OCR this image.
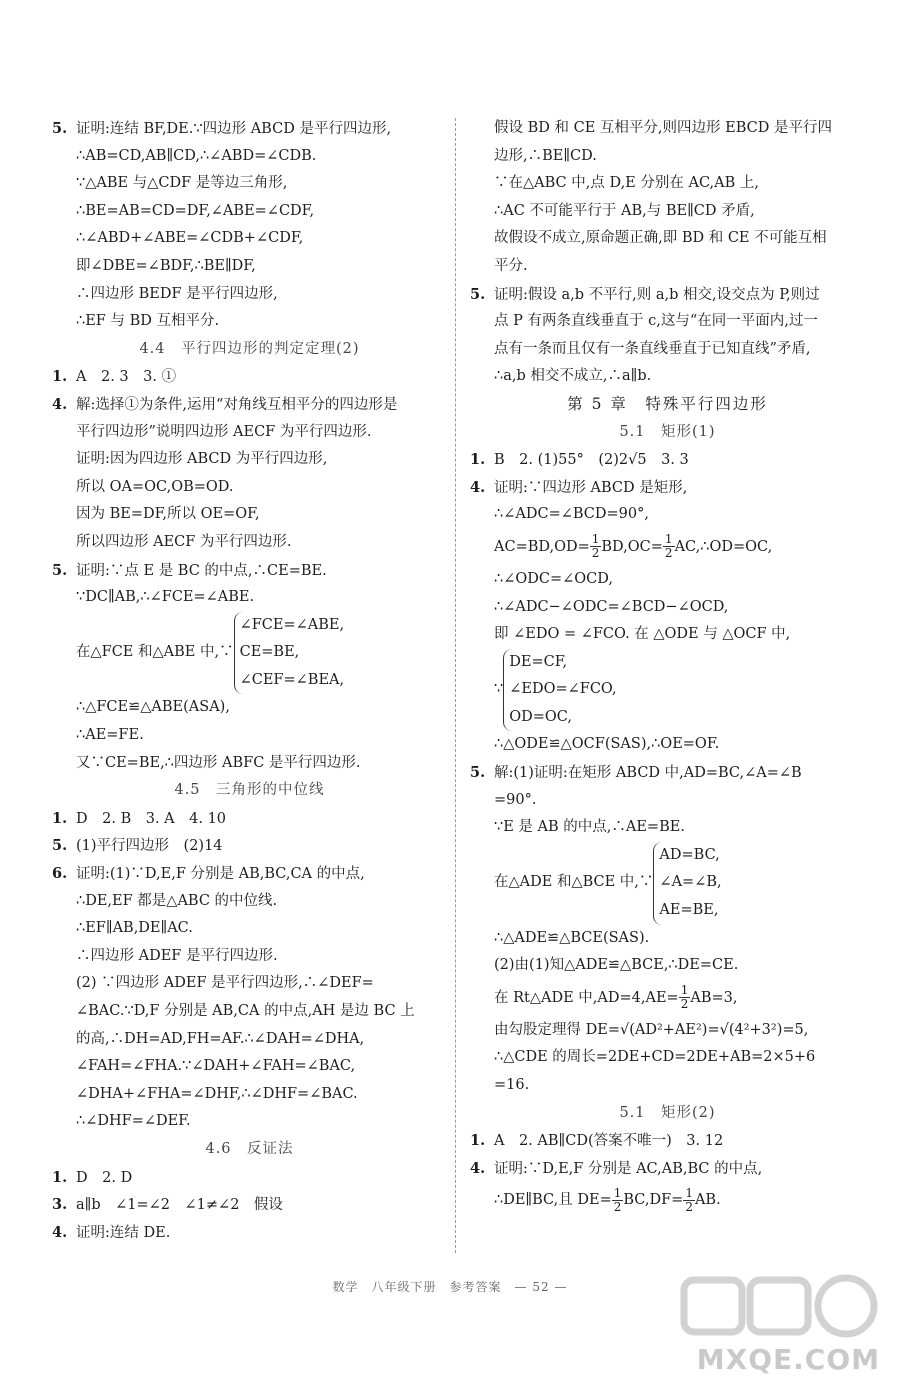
5. 证明:连结 BF,DE.∵四边形 ABCD 是平行四边形,
∴AB=CD,AB∥CD,∴∠ABD=∠CDB.
∵△ABE 与△CDF 是等边三角形,
∴BE=AB=CD=DF,∠ABE=∠CDF,
∴∠ABD+∠ABE=∠CDB+∠CDF,
即∠DBE=∠BDF,∴BE∥DF,
∴四边形 BEDF 是平行四边形,
∴EF 与 BD 互相平分.
4.4　平行四边形的判定定理(2)
1. A　2. 3　3. ①
4. 解:选择①为条件,运用“对角线互相平分的四边形是
平行四边形”说明四边形 AECF 为平行四边形.
证明:因为四边形 ABCD 为平行四边形,
所以 OA=OC,OB=OD.
因为 BE=DF,所以 OE=OF,
所以四边形 AECF 为平行四边形.
5. 证明:∵点 E 是 BC 的中点,∴CE=BE.
∵DC∥AB,∴∠FCE=∠ABE.
在△FCE 和△ABE 中,∵
∠FCE=∠ABE,
CE=BE,
∠CEF=∠BEA,
∴△FCE≌△ABE(ASA),
∴AE=FE.
又∵CE=BE,∴四边形 ABFC 是平行四边形.
4.5　三角形的中位线
1. D　2. B　3. A　4. 10
5. (1)平行四边形　(2)14
6. 证明:(1)∵D,E,F 分别是 AB,BC,CA 的中点,
∴DE,EF 都是△ABC 的中位线.
∴EF∥AB,DE∥AC.
∴四边形 ADEF 是平行四边形.
(2) ∵四边形 ADEF 是平行四边形,∴∠DEF=
∠BAC.∵D,F 分别是 AB,CA 的中点,AH 是边 BC 上
的高,∴DH=AD,FH=AF.∴∠DAH=∠DHA,
∠FAH=∠FHA.∵∠DAH+∠FAH=∠BAC,
∠DHA+∠FHA=∠DHF,∴∠DHF=∠BAC.
∴∠DHF=∠DEF.
4.6　反证法
1. D　2. D
3. a∥b　∠1=∠2　∠1≠∠2　假设
4. 证明:连结 DE.
假设 BD 和 CE 互相平分,则四边形 EBCD 是平行四
边形,∴BE∥CD.
∵在△ABC 中,点 D,E 分别在 AC,AB 上,
∴AC 不可能平行于 AB,与 BE∥CD 矛盾,
故假设不成立,原命题正确,即 BD 和 CE 不可能互相
平分.
5. 证明:假设 a,b 不平行,则 a,b 相交,设交点为 P,则过
点 P 有两条直线垂直于 c,这与“在同一平面内,过一
点有一条而且仅有一条直线垂直于已知直线”矛盾,
∴a,b 相交不成立,∴a∥b.
第 5 章　特殊平行四边形
5.1　矩形(1)
1. B　2. (1)55°　(2)2√5　3. 3
4. 证明:∵四边形 ABCD 是矩形,
∴∠ADC=∠BCD=90°,
$AC=BD,OD= \frac{1}{2} BD,OC= \frac{1}{2}$ AC,∴OD=OC,
∴∠ODC=∠OCD,
∴∠ADC−∠ODC=∠BCD−∠OCD,
即 ∠EDO = ∠FCO. 在 △ODE 与 △OCF 中,
∵
DE=CF,
∠EDO=∠FCO,
OD=OC,
∴△ODE≌△OCF(SAS),∴OE=OF.
5. 解:(1)证明:在矩形 ABCD 中,AD=BC,∠A=∠B
=90°.
∵E 是 AB 的中点,∴AE=BE.
在△ADE 和△BCE 中,∵
AD=BC,
∠A=∠B,
AE=BE,
∴△ADE≌△BCE(SAS).
(2)由(1)知△ADE≌△BCE,∴DE=CE.
在 Rt△ADE 中$,AD=4,AE= \frac{1}{2} AB=3$,
由勾股定理得 DE=√(AD²+AE²)=√(4²+3²)=5,
∴△CDE 的周长=2DE+CD=2DE+AB=2×5+6
=16.
5.1　矩形(2)
1. A　2. AB∥CD(答案不唯一)　3. 12
4. 证明:∵D,E,F 分别是 AC,AB,BC 的中点,
∴DE∥BC,且 $DE= \frac{1}{2} BC,DF= \frac{1}{2}$ AB.
数学　八年级下册　参考答案　— 52 —
MXQE.COM
